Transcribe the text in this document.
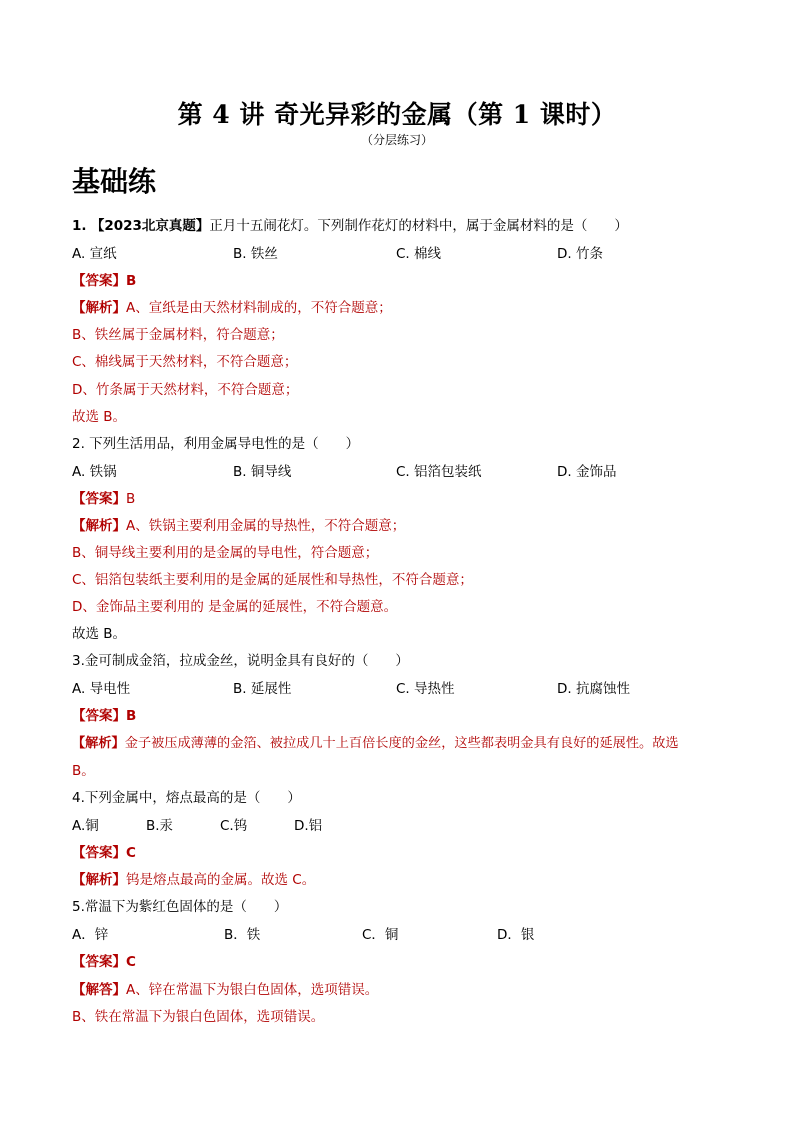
第 4 讲 奇光异彩的金属（第 1 课时）
（分层练习）
基础练
1. 【2023北京真题】正月十五闹花灯。下列制作花灯的材料中，属于金属材料的是（　　）
A. 宣纸	B. 铁丝	C. 棉线	D. 竹条
【答案】B
【解析】A、宣纸是由天然材料制成的，不符合题意；
B、铁丝属于金属材料，符合题意；
C、棉线属于天然材料，不符合题意；
D、竹条属于天然材料，不符合题意；
故选 B。
2. 下列生活用品，利用金属导电性的是（　　）
A. 铁锅	B. 铜导线	C. 铝箔包装纸	D. 金饰品
【答案】B
【解析】A、铁锅主要利用金属的导热性，不符合题意；
B、铜导线主要利用的是金属的导电性，符合题意；
C、铝箔包装纸主要利用的是金属的延展性和导热性，不符合题意；
D、金饰品主要利用的 是金属的延展性，不符合题意。
故选 B。
3.金可制成金箔，拉成金丝，说明金具有良好的（　　）
A. 导电性	B. 延展性	C. 导热性	D. 抗腐蚀性
【答案】B
【解析】金子被压成薄薄的金箔、被拉成几十上百倍长度的金丝，这些都表明金具有良好的延展性。故选
B。
4.下列金属中，熔点最高的是（　　）
A.铜	B.汞	C.钨	D.铝
【答案】C
【解析】钨是熔点最高的金属。故选 C。
5.常温下为紫红色固体的是（　　）
A．锌	B．铁	C．铜	D．银
【答案】C
【解答】A、锌在常温下为银白色固体，选项错误。
B、铁在常温下为银白色固体，选项错误。
